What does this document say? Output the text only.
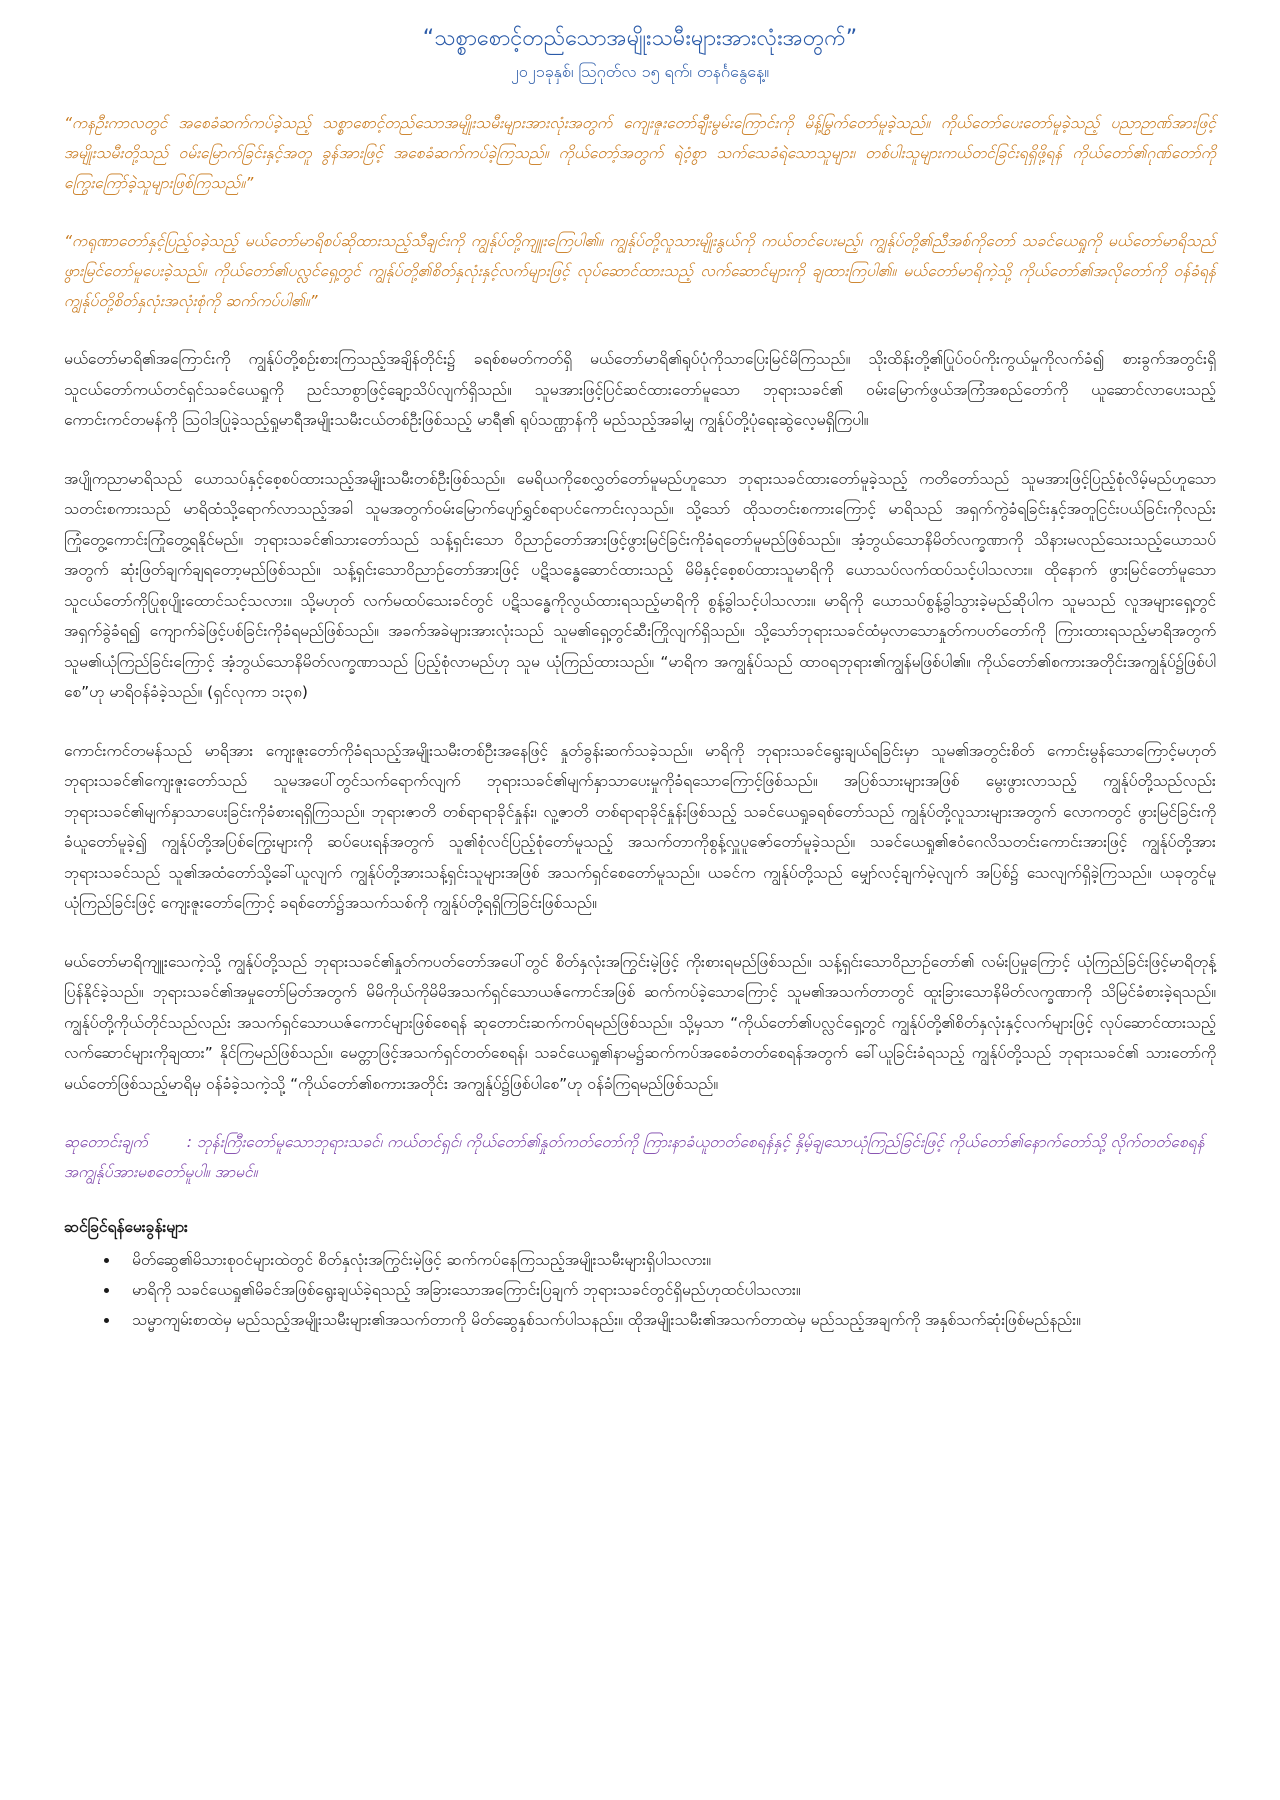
“သစ္စာစောင့်တည်သောအမျိုးသမီးများအားလုံးအတွက်”
၂၀၂၁ခုနှစ်၊ ဩဂုတ်လ ၁၅ ရက်၊ တနင်္ဂနွေနေ့။

“ကနဦးကာလတွင် အစေခံဆက်ကပ်ခဲ့သည့် သစ္စာစောင့်တည်သောအမျိုးသမီးများအားလုံးအတွက် ကျေးဇူးတော်ချီးမွမ်းကြောင်းကို မိန့်မြွက်တော်မူခဲ့သည်။ ကိုယ်တော်ပေးတော်မူခဲ့သည့် ပညာဉာဏ်အားဖြင့် အမျိုးသမီးတို့သည် ဝမ်းမြောက်ခြင်းနှင့်အတူ ခွန်အားဖြင့် အစေခံဆက်ကပ်ခဲ့ကြသည်။ ကိုယ်တော့်အတွက် ရဲဝံ့စွာ သက်သေခံရဲသောသူများ၊ တစ်ပါးသူများကယ်တင်ခြင်းရရှိဖို့ရန် ကိုယ်တော်၏ဂုဏ်တော်ကို ကြွေးကြော်ခဲ့သူများဖြစ်ကြသည်။”

“ကရုဏာတော်နှင့်ပြည့်ဝခဲ့သည့် မယ်တော်မာရိစပ်ဆိုထားသည့်သီချင်းကို ကျွန်ုပ်တို့ကျူးကြေပါ၏။ ကျွန်ုပ်တို့လူသားမျိုးနွယ်ကို ကယ်တင်ပေးမည့်၊ ကျွန်ုပ်တို့၏ညီအစ်ကိုတော် သခင်ယေရှုကို မယ်တော်မာရိသည် ဖွားမြင်တော်မူပေးခဲ့သည်။ ကိုယ်တော်၏ပလ္လင်ရှေ့တွင် ကျွန်ုပ်တို့၏စိတ်နှလုံးနှင့်လက်များဖြင့် လုပ်ဆောင်ထားသည့် လက်ဆောင်များကို ချထားကြပါ၏။ မယ်တော်မာရိကဲ့သို့ ကိုယ်တော်၏အလိုတော်ကို ဝန်ခံရန် ကျွန်ုပ်တို့စိတ်နှလုံးအလုံးစုံကို ဆက်ကပ်ပါ၏။”

မယ်တော်မာရိ၏အကြောင်းကို ကျွန်ုပ်တို့စဉ်းစားကြသည့်အချိန်တိုင်း၌ ခရစ်စမတ်ကတ်ရှိ မယ်တော်မာရိ၏ရုပ်ပုံကိုသာပြေးမြင်မိကြသည်။ သိုးထိန်းတို့၏ပြုပ်ဝပ်ကိုးကွယ်မှုကိုလက်ခံ၍ စားခွက်အတွင်းရှိ သူငယ်တော်ကယ်တင်ရှင်သခင်ယေရှုကို ညင်သာစွာဖြင့်ချော့သိပ်လျက်ရှိသည်။ သူမအားဖြင့်ပြင်ဆင်ထားတော်မူသော ဘုရားသခင်၏ ဝမ်းမြောက်ဖွယ်အကြံအစည်တော်ကို ယူဆောင်လာပေးသည့်ကောင်းကင်တမန်ကို ဩဝါဒပြုခဲ့သည့်ရှုမာရီအမျိုးသမီးငယ်တစ်ဦးဖြစ်သည့် မာရီ၏ ရုပ်သဏ္ဌာန်ကို မည်သည့်အခါမျှ ကျွန်ုပ်တို့ပုံရေးဆွဲလေ့မရှိကြပါ။

အပျိုကညာမာရိသည် ယောသပ်နှင့်စေ့စပ်ထားသည့်အမျိုးသမီးတစ်ဦးဖြစ်သည်။ မေရိယကိုစေလွှတ်တော်မူမည်ဟူသော ဘုရားသခင်ထားတော်မူခဲ့သည့် ကတိတော်သည် သူမအားဖြင့်ပြည့်စုံလိမ့်မည်ဟူသောသတင်းစကားသည် မာရိထံသို့ရောက်လာသည့်အခါ သူမအတွက်ဝမ်းမြောက်ပျော်ရွှင်စရာပင်ကောင်းလှသည်။ သို့သော် ထိုသတင်းစကားကြောင့် မာရိသည် အရှက်ကွဲခံရခြင်းနှင့်အတူငြင်းပယ်ခြင်းကိုလည်း ကြုံတွေ့ကောင်းကြုံတွေ့ရနိုင်မည်။ ဘုရားသခင်၏သားတော်သည် သန့်ရှင်းသော ဝိညာဉ်တော်အားဖြင့်ဖွားမြင်ခြင်းကိုခံရတော်မူမည်ဖြစ်သည်။ အံ့ဘွယ်သောနိမိတ်လက္ခဏာကို သိနားမလည်သေးသည့်ယောသပ်အတွက် ဆုံးဖြတ်ချက်ချရတော့မည်ဖြစ်သည်။ သန့်ရှင်းသောဝိညာဉ်တော်အားဖြင့် ပဋိသန္ဓေဆောင်ထားသည့် မိမိနှင့်စေ့စပ်ထားသူမာရိကို ယောသပ်လက်ထပ်သင့်ပါသလား။ ထိုနောက် ဖွားမြင်တော်မူသော သူငယ်တော်ကိုပြုစုပျိုးထောင်သင့်သလား။ သို့မဟုတ် လက်မထပ်သေးခင်တွင် ပဋိသန္ဓေကိုလွယ်ထားရသည့်မာရိကို စွန့်ခွါသင့်ပါသလား။ မာရိကို ယောသပ်စွန့်ခွါသွားခဲ့မည်ဆိုပါက သူမသည် လူအများရှေ့တွင် အရှက်ခွဲခံရ၍ ကျောက်ခဲဖြင့်ပစ်ခြင်းကိုခံရမည်ဖြစ်သည်။ အခက်အခဲများအားလုံးသည် သူမ၏ရှေ့တွင်ဆီးကြိုလျက်ရှိသည်။ သို့သော်ဘုရားသခင်ထံမှလာသောနှုတ်ကပတ်တော်ကို ကြားထားရသည့်မာရိအတွက် သူမ၏ယုံကြည်ခြင်းကြောင့် အံ့ဘွယ်သောနိမိတ်လက္ခဏာသည် ပြည့်စုံလာမည်ဟု သူမ ယုံကြည်ထားသည်။ “မာရိက အကျွန်ုပ်သည် ထာဝရဘုရား၏ကျွန်မဖြစ်ပါ၏။ ကိုယ်တော်၏စကားအတိုင်းအကျွန်ုပ်၌ဖြစ်ပါစေ”ဟု မာရိဝန်ခံခဲ့သည်။ (ရှင်လုကာ ၁း၃၈)

ကောင်းကင်တမန်သည် မာရိအား ကျေးဇူးတော်ကိုခံရသည့်အမျိုးသမီးတစ်ဦးအနေဖြင့် နှုတ်ခွန်းဆက်သခဲ့သည်။ မာရိကို ဘုရားသခင်ရွေးချယ်ရခြင်းမှာ သူမ၏အတွင်းစိတ် ကောင်းမွန်သောကြောင့်မဟုတ် ဘုရားသခင်၏ကျေးဇူးတော်သည် သူမအပေါ်တွင်သက်ရောက်လျက် ဘုရားသခင်၏မျက်နှာသာပေးမှုကိုခံရသောကြောင့်ဖြစ်သည်။ အပြစ်သားများအဖြစ် မွေးဖွားလာသည့် ကျွန်ုပ်တို့သည်လည်း ဘုရားသခင်၏မျက်နှာသာပေးခြင်းကိုခံစားရရှိကြသည်။ ဘုရားဇာတိ တစ်ရာရာခိုင်နှုန်း၊ လူ့ဇာတိ တစ်ရာရာခိုင်နှုန်းဖြစ်သည့် သခင်ယေရှုခရစ်တော်သည် ကျွန်ုပ်တို့လူသားများအတွက် လောကတွင် ဖွားမြင်ခြင်းကိုခံယူတော်မူခဲ့၍ ကျွန်ုပ်တို့အပြစ်ကြွေးများကို ဆပ်ပေးရန်အတွက် သူ၏စုံလင်ပြည့်စုံတော်မူသည့် အသက်တာကိုစွန့်လှူပူဇော်တော်မူခဲ့သည်။ သခင်ယေရှု၏ဧဝံဂေလိသတင်းကောင်းအားဖြင့် ကျွန်ုပ်တို့အား ဘုရားသခင်သည် သူ၏အထံတော်သို့ခေါ်ယူလျက် ကျွန်ုပ်တို့အားသန့်ရှင်းသူများအဖြစ် အသက်ရှင်စေတော်မူသည်။ ယခင်က ကျွန်ုပ်တို့သည် မျှော်လင့်ချက်မဲ့လျက် အပြစ်၌ သေလျက်ရှိခဲ့ကြသည်။ ယခုတွင်မူ ယုံကြည်ခြင်းဖြင့် ကျေးဇူးတော်ကြောင့် ခရစ်တော်၌အသက်သစ်ကို ကျွန်ုပ်တို့ရရှိကြခြင်းဖြစ်သည်။

မယ်တော်မာရိကျူးသေကဲ့သို့ ကျွန်ုပ်တို့သည် ဘုရားသခင်၏နှုတ်ကပတ်တော်အပေါ်တွင် စိတ်နှလုံးအကြွင်းမဲ့ဖြင့် ကိုးစားရမည်ဖြစ်သည်။ သန့်ရှင်းသောဝိညာဉ်တော်၏ လမ်းပြမှုကြောင့် ယုံကြည်ခြင်းဖြင့်မာရိတုန့်ပြန်နိုင်ခဲ့သည်။ ဘုရားသခင်၏အမှုတော်မြတ်အတွက် မိမိကိုယ်ကိုမိမိအသက်ရှင်သောယဇ်ကောင်အဖြစ် ဆက်ကပ်ခဲ့သောကြောင့် သူမ၏အသက်တာတွင် ထူးခြားသောနိမိတ်လက္ခဏာကို သိမြင်ခံစားခဲ့ရသည်။ ကျွန်ုပ်တို့ကိုယ်တိုင်သည်လည်း အသက်ရှင်သောယဇ်ကောင်များဖြစ်စေရန် ဆုတောင်းဆက်ကပ်ရမည်ဖြစ်သည်။ သို့မှသာ “ကိုယ်တော်၏ပလ္လင်ရှေ့တွင် ကျွန်ုပ်တို့၏စိတ်နှလုံးနှင့်လက်များဖြင့် လုပ်ဆောင်ထားသည့် လက်ဆောင်များကိုချထား” နိုင်ကြမည်ဖြစ်သည်။ မေတ္တာဖြင့်အသက်ရှင်တတ်စေရန်၊ သခင်ယေရှု၏နာမ၌ဆက်ကပ်အစေခံတတ်စေရန်အတွက် ခေါ်ယူခြင်းခံရသည့် ကျွန်ုပ်တို့သည် ဘုရားသခင်၏ သားတော်ကို မယ်တော်ဖြစ်သည့်မာရိမှ ဝန်ခံခဲ့သကဲ့သို့ “ကိုယ်တော်၏စကားအတိုင်း အကျွန်ုပ်၌ဖြစ်ပါစေ”ဟု ဝန်ခံကြရမည်ဖြစ်သည်။

ဆုတောင်းချက်	: ဘုန်းကြီးတော်မူသောဘုရားသခင်၊ ကယ်တင်ရှင်၊ ကိုယ်တော်၏နှုတ်ကတ်တော်ကို ကြားနာခံယူတတ်စေရန်နှင့် နှိမ့်ချသောယုံကြည်ခြင်းဖြင့် ကိုယ်တော်၏နောက်တော်သို့ လိုက်တတ်စေရန် အကျွန်ုပ်အားမစတော်မူပါ။ အာမင်။

ဆင်ခြင်ရန်မေးခွန်းများ
• မိတ်ဆွေ၏မိသားစုဝင်များထဲတွင် စိတ်နှလုံးအကြွင်းမဲ့ဖြင့် ဆက်ကပ်နေကြသည့်အမျိုးသမီးများရှိပါသလား။
• မာရိကို သခင်ယေရှု၏မိခင်အဖြစ်ရွေးချယ်ခဲ့ရသည့် အခြားသောအကြောင်းပြချက် ဘုရားသခင်တွင်ရှိမည်ဟုထင်ပါသလား။
• သမ္မာကျမ်းစာထဲမှ မည်သည့်အမျိုးသမီးများ၏အသက်တာကို မိတ်ဆွေနှစ်သက်ပါသနည်း။ ထိုအမျိုးသမီး၏အသက်တာထဲမှ မည်သည့်အချက်ကို အနှစ်သက်ဆုံးဖြစ်မည်နည်း။
